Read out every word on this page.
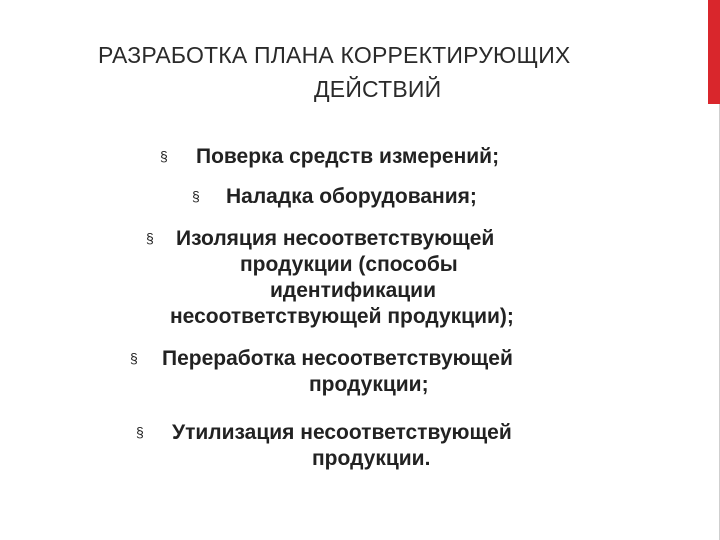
РАЗРАБОТКА ПЛАНА КОРРЕКТИРУЮЩИХ
ДЕЙСТВИЙ
§ Поверка средств измерений;
§ Наладка оборудования;
§ Изоляция несоответствующей
продукции (способы
идентификации
несоответствующей продукции);
§ Переработка несоответствующей
продукции;
§ Утилизация несоответствующей
продукции.
